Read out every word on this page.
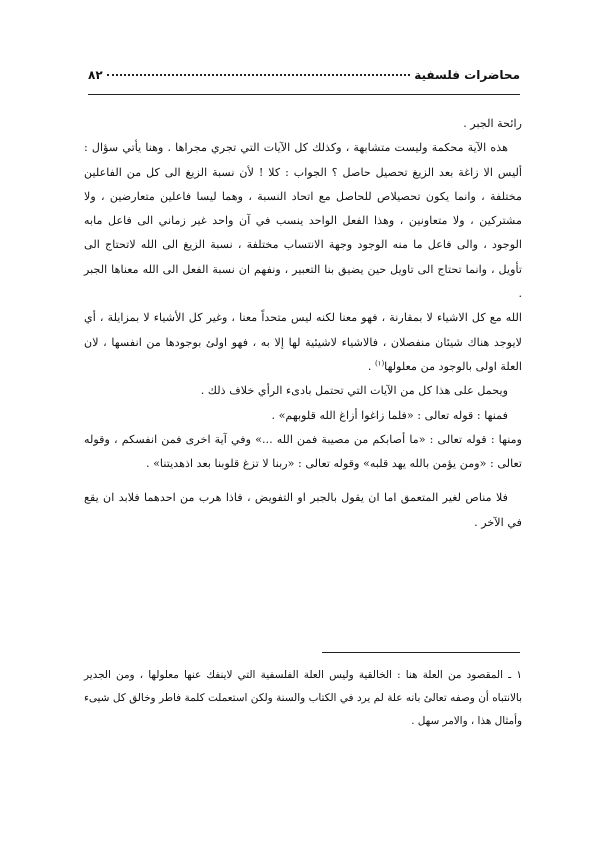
٨٢	محاضرات فلسفية

رائحة الجبر .

هذه الآية محكمة وليست متشابهة ، وكذلك كل الآيات التي تجري مجراها . وهنا يأتي سؤال : أليس الا زاغة بعد الزيغ تحصيل حاصل ؟ الجواب : كلا ! لأن نسبة الزيغ الى كل من الفاعلين مختلفة ، وانما يكون تحصيلاص للحاصل مع اتحاد النسبة ، وهما ليسا فاعلين متعارضين ، ولا مشتركين ، ولا متعاونين ، وهذا الفعل الواحد ينسب في آن واحد غير زماني الى فاعل مابه الوجود ، والى فاعل ما منه الوجود وجهة الانتساب مختلفة ، نسبة الزيغ الى الله لاتحتاج الى تأويل ، وانما تحتاج الى تاويل حين يضيق بنا التعبير ، ونفهم ان نسبة الفعل الى الله معناها الجبر .

الله مع كل الاشياء لا بمقارنة ، فهو معنا لكنه ليس متحداً معنا ، وغير كل الأشياء لا بمزايلة ، أي لايوجد هناك شيئان منفصلان ، فالاشياء لاشيئية لها إلا به ، فهو اولئ بوجودها من انفسها ، لان العلة اولى بالوجود من معلولها$^{(١)}$ .

ويحمل على هذا كل من الآيات التي تحتمل بادىء الرأي خلاف ذلك .

فمنها : قوله تعالى : «فلما زاغوا أزاغ الله قلوبهم» .

ومنها : قوله تعالى : «ما أصابكم من مصيبة فمن الله ...» وفي آية اخرى فمن انفسكم ، وقوله تعالى : «ومن يؤمن بالله يهد قلبه» وقوله تعالى : «ربنا لا تزغ قلوبنا بعد اذهديتنا» .

فلا مناص لغير المتعمق اما ان يقول بالجبر او التفويض ، فاذا هرب من احدهما فلابد ان يقع في الآخر .

١ ـ المقصود من العلة هنا : الخالقية وليس العلة الفلسفية التي لاينفك عنها معلولها ، ومن الجدير بالانتباه أن وصفه تعالئ بانه علة لم يرد في الكتاب والسنة ولكن استعملت كلمة فاطر وخالق كل شيىء وأمثال هذا ، والامر سهل .
